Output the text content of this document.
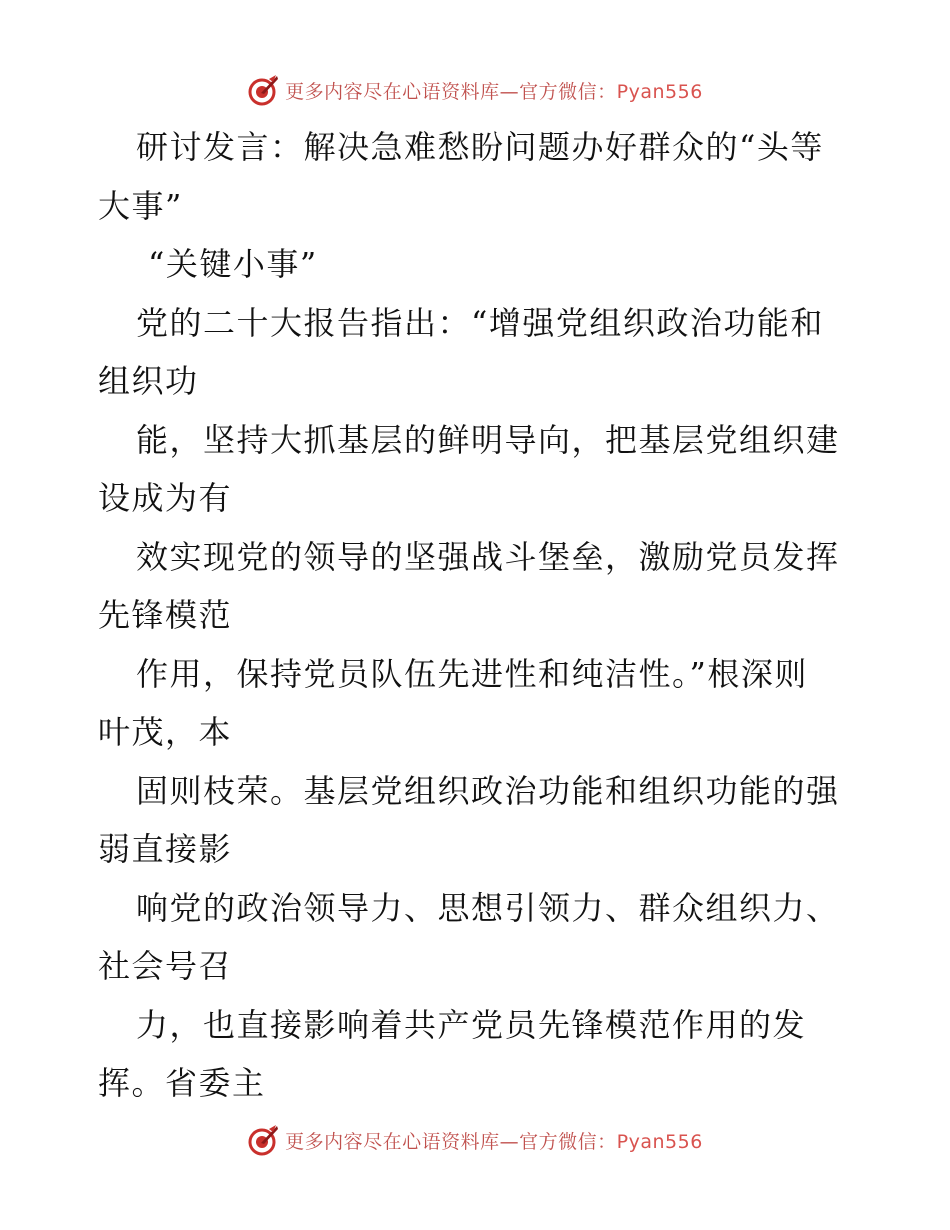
更多内容尽在心语资料库—官方微信：Pyan556
研讨发言：解决急难愁盼问题办好群众的“头等
大事”
“关键小事”
党的二十大报告指出：“增强党组织政治功能和
组织功
能，坚持大抓基层的鲜明导向，把基层党组织建
设成为有
效实现党的领导的坚强战斗堡垒，激励党员发挥
先锋模范
作用，保持党员队伍先进性和纯洁性。”根深则
叶茂，本
固则枝荣。基层党组织政治功能和组织功能的强
弱直接影
响党的政治领导力、思想引领力、群众组织力、
社会号召
力，也直接影响着共产党员先锋模范作用的发
挥。省委主
更多内容尽在心语资料库—官方微信：Pyan556
